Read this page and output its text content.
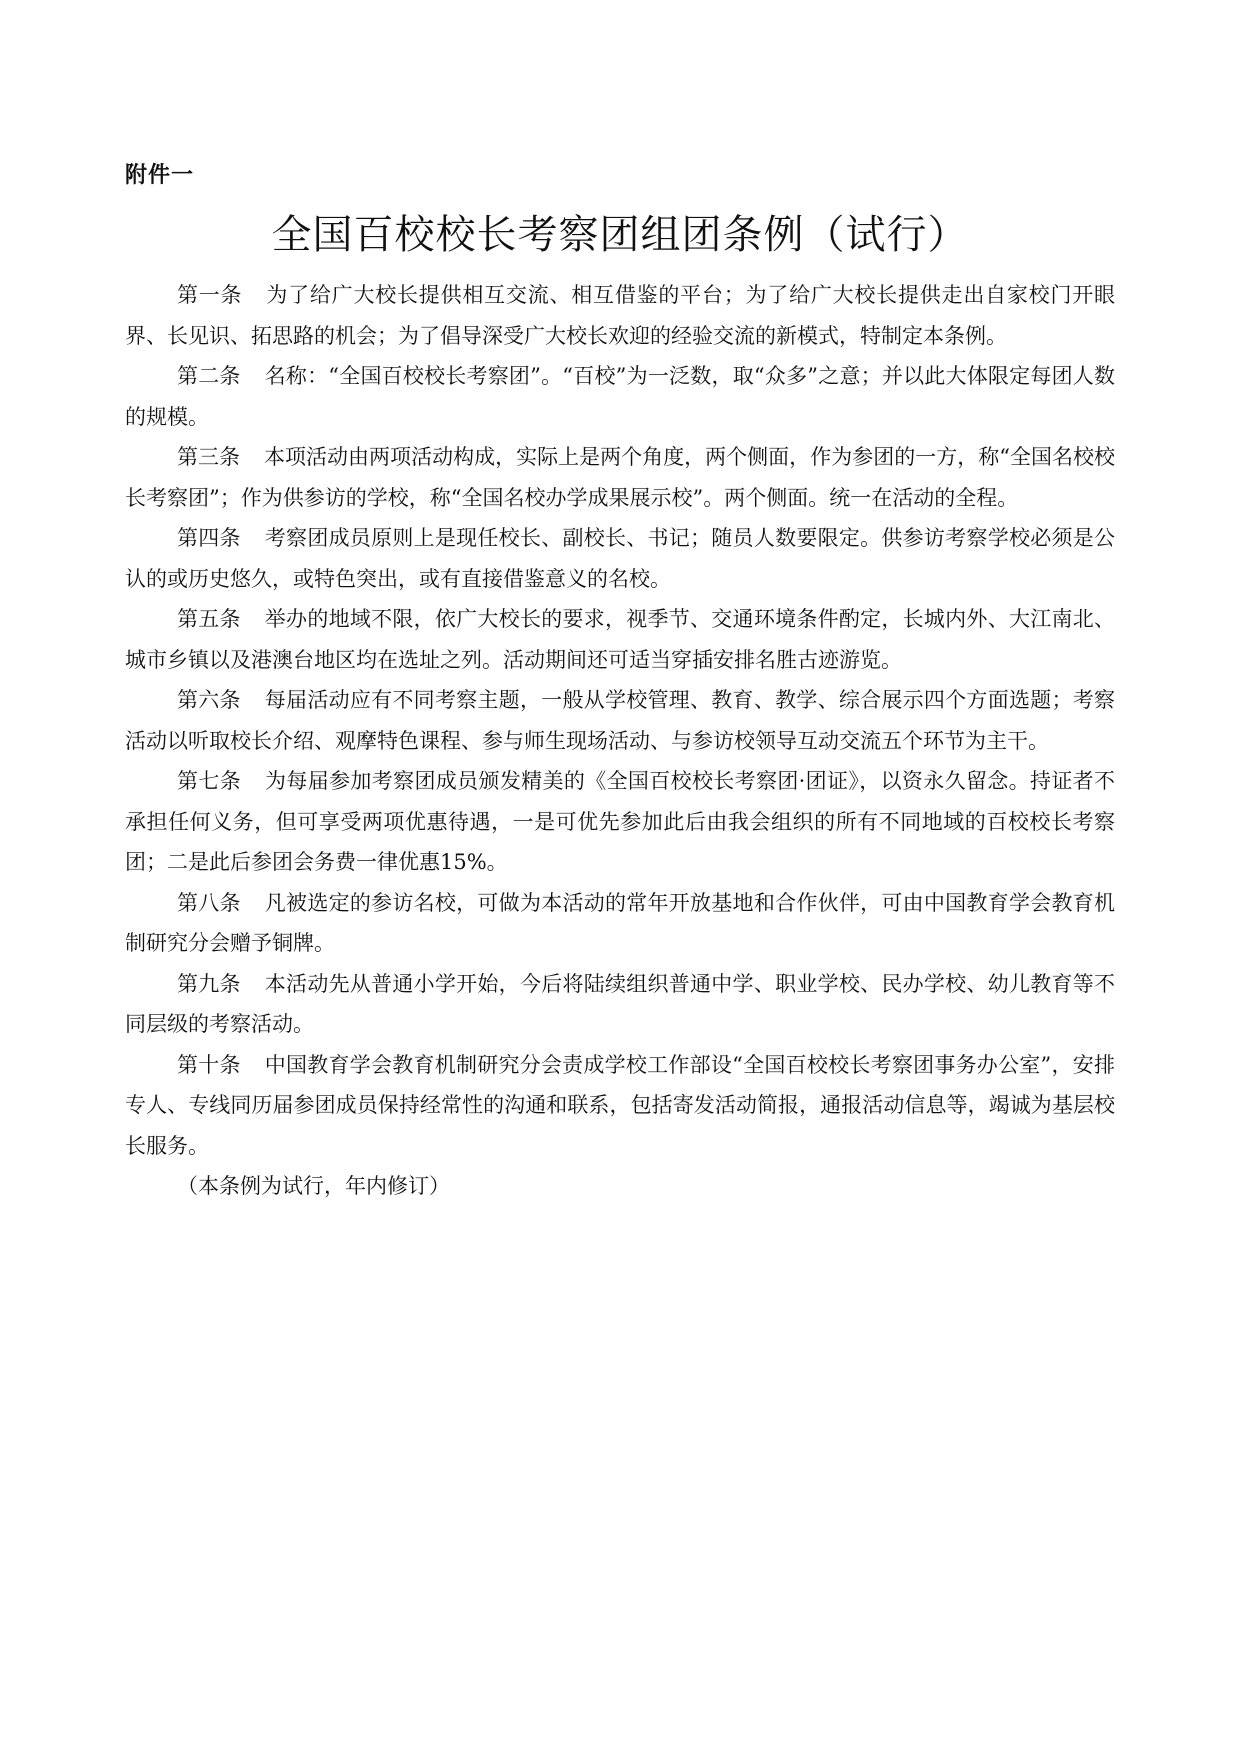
附件一
全国百校校长考察团组团条例（试行）

第一条 为了给广大校长提供相互交流、相互借鉴的平台；为了给广大校长提供走出自家校门开眼界、长见识、拓思路的机会；为了倡导深受广大校长欢迎的经验交流的新模式，特制定本条例。

第二条 名称：“全国百校校长考察团”。“百校”为一泛数，取“众多”之意；并以此大体限定每团人数的规模。

第三条 本项活动由两项活动构成，实际上是两个角度，两个侧面，作为参团的一方，称“全国名校校长考察团”；作为供参访的学校，称“全国名校办学成果展示校”。两个侧面。统一在活动的全程。

第四条 考察团成员原则上是现任校长、副校长、书记；随员人数要限定。供参访考察学校必须是公认的或历史悠久，或特色突出，或有直接借鉴意义的名校。

第五条 举办的地域不限，依广大校长的要求，视季节、交通环境条件酌定，长城内外、大江南北、城市乡镇以及港澳台地区均在选址之列。活动期间还可适当穿插安排名胜古迹游览。

第六条 每届活动应有不同考察主题，一般从学校管理、教育、教学、综合展示四个方面选题；考察活动以听取校长介绍、观摩特色课程、参与师生现场活动、与参访校领导互动交流五个环节为主干。

第七条 为每届参加考察团成员颁发精美的《全国百校校长考察团·团证》，以资永久留念。持证者不承担任何义务，但可享受两项优惠待遇，一是可优先参加此后由我会组织的所有不同地域的百校校长考察团；二是此后参团会务费一律优惠15%。

第八条 凡被选定的参访名校，可做为本活动的常年开放基地和合作伙伴，可由中国教育学会教育机制研究分会赠予铜牌。

第九条 本活动先从普通小学开始，今后将陆续组织普通中学、职业学校、民办学校、幼儿教育等不同层级的考察活动。

第十条 中国教育学会教育机制研究分会责成学校工作部设“全国百校校长考察团事务办公室”，安排专人、专线同历届参团成员保持经常性的沟通和联系，包括寄发活动简报，通报活动信息等，竭诚为基层校长服务。

（本条例为试行，年内修订）
